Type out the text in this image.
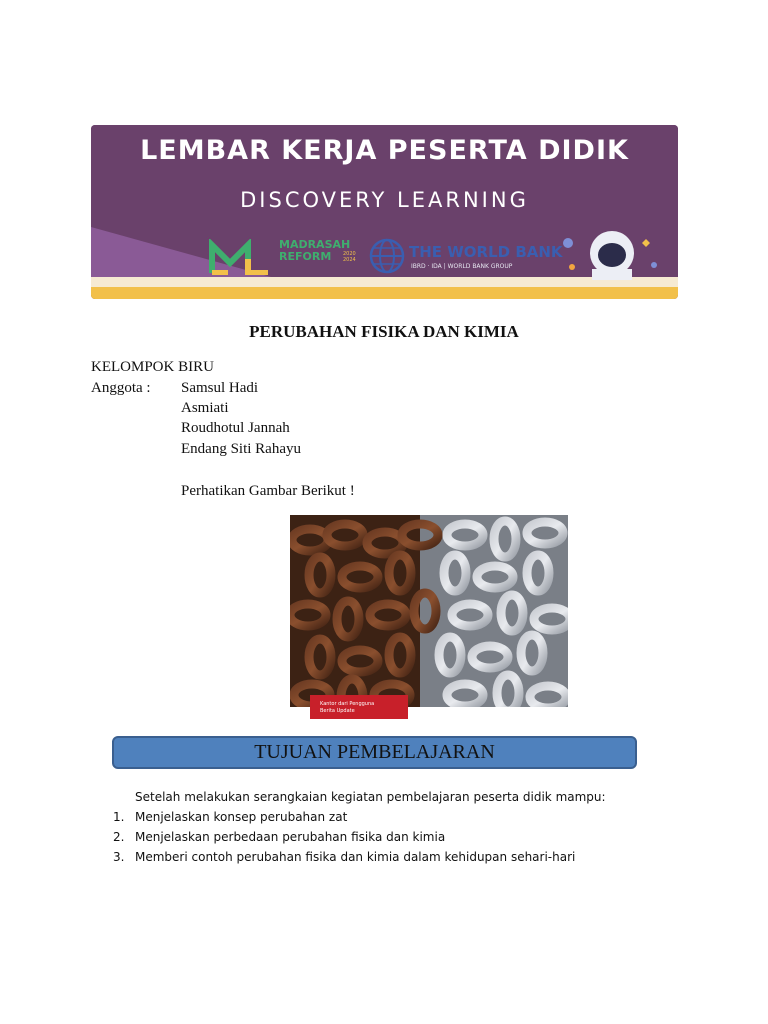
LEMBAR KERJA PESERTA DIDIK
DISCOVERY LEARNING
MADRASAH
REFORM	2020
2024	THE WORLD BANK
IBRD · IDA | WORLD BANK GROUP
PERUBAHAN FISIKA DAN KIMIA
KELOMPOK BIRU
Anggota : Samsul Hadi
Asmiati
Roudhotul Jannah
Endang Siti Rahayu
Perhatikan Gambar Berikut !
Kantor dari Pengguna
Berita Update
TUJUAN PEMBELAJARAN
Setelah melakukan serangkaian kegiatan pembelajaran peserta didik mampu:
1. Menjelaskan konsep perubahan zat
2. Menjelaskan perbedaan perubahan fisika dan kimia
3. Memberi contoh perubahan fisika dan kimia dalam kehidupan sehari-hari
